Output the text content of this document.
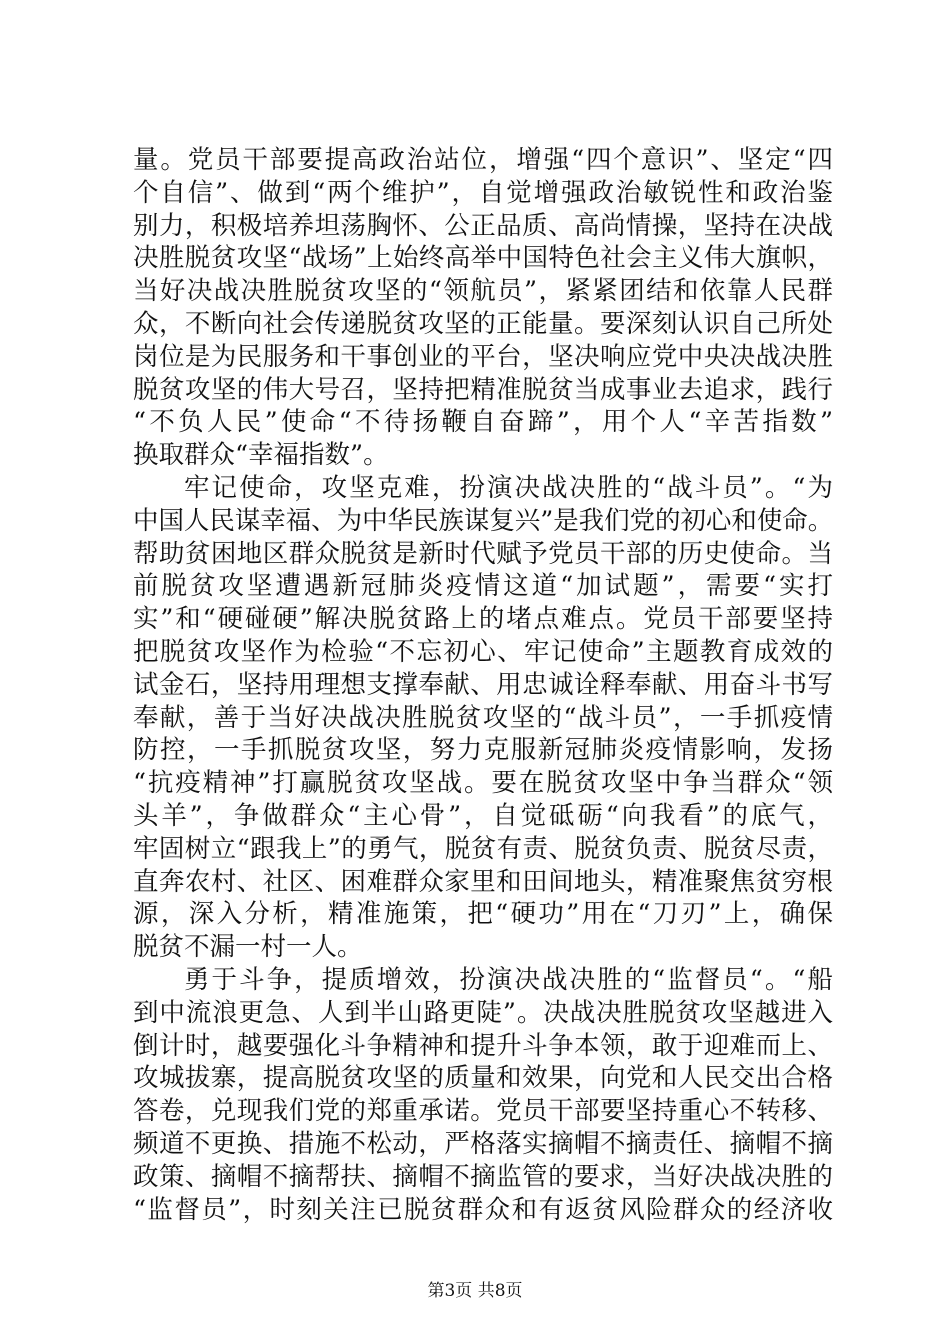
量。党员干部要提高政治站位，增强“四个意识”、坚定“四
个自信”、做到“两个维护”，自觉增强政治敏锐性和政治鉴
别力，积极培养坦荡胸怀、公正品质、高尚情操，坚持在决战
决胜脱贫攻坚“战场”上始终高举中国特色社会主义伟大旗帜，
当好决战决胜脱贫攻坚的“领航员”，紧紧团结和依靠人民群
众，不断向社会传递脱贫攻坚的正能量。要深刻认识自己所处
岗位是为民服务和干事创业的平台，坚决响应党中央决战决胜
脱贫攻坚的伟大号召，坚持把精准脱贫当成事业去追求，践行
“不负人民”使命“不待扬鞭自奋蹄”，用个人“辛苦指数”
换取群众“幸福指数”。
牢记使命，攻坚克难，扮演决战决胜的“战斗员”。“为
中国人民谋幸福、为中华民族谋复兴”是我们党的初心和使命。
帮助贫困地区群众脱贫是新时代赋予党员干部的历史使命。当
前脱贫攻坚遭遇新冠肺炎疫情这道“加试题”，需要“实打
实”和“硬碰硬”解决脱贫路上的堵点难点。党员干部要坚持
把脱贫攻坚作为检验“不忘初心、牢记使命”主题教育成效的
试金石，坚持用理想支撑奉献、用忠诚诠释奉献、用奋斗书写
奉献，善于当好决战决胜脱贫攻坚的“战斗员”，一手抓疫情
防控，一手抓脱贫攻坚，努力克服新冠肺炎疫情影响，发扬
“抗疫精神”打赢脱贫攻坚战。要在脱贫攻坚中争当群众“领
头羊”，争做群众“主心骨”，自觉砥砺“向我看”的底气，
牢固树立“跟我上”的勇气，脱贫有责、脱贫负责、脱贫尽责，
直奔农村、社区、困难群众家里和田间地头，精准聚焦贫穷根
源，深入分析，精准施策，把“硬功”用在“刀刃”上，确保
脱贫不漏一村一人。
勇于斗争，提质增效，扮演决战决胜的“监督员“。“船
到中流浪更急、人到半山路更陡”。决战决胜脱贫攻坚越进入
倒计时，越要强化斗争精神和提升斗争本领，敢于迎难而上、
攻城拔寨，提高脱贫攻坚的质量和效果，向党和人民交出合格
答卷，兑现我们党的郑重承诺。党员干部要坚持重心不转移、
频道不更换、措施不松动，严格落实摘帽不摘责任、摘帽不摘
政策、摘帽不摘帮扶、摘帽不摘监管的要求，当好决战决胜的
“监督员”，时刻关注已脱贫群众和有返贫风险群众的经济收
第3页 共8页
